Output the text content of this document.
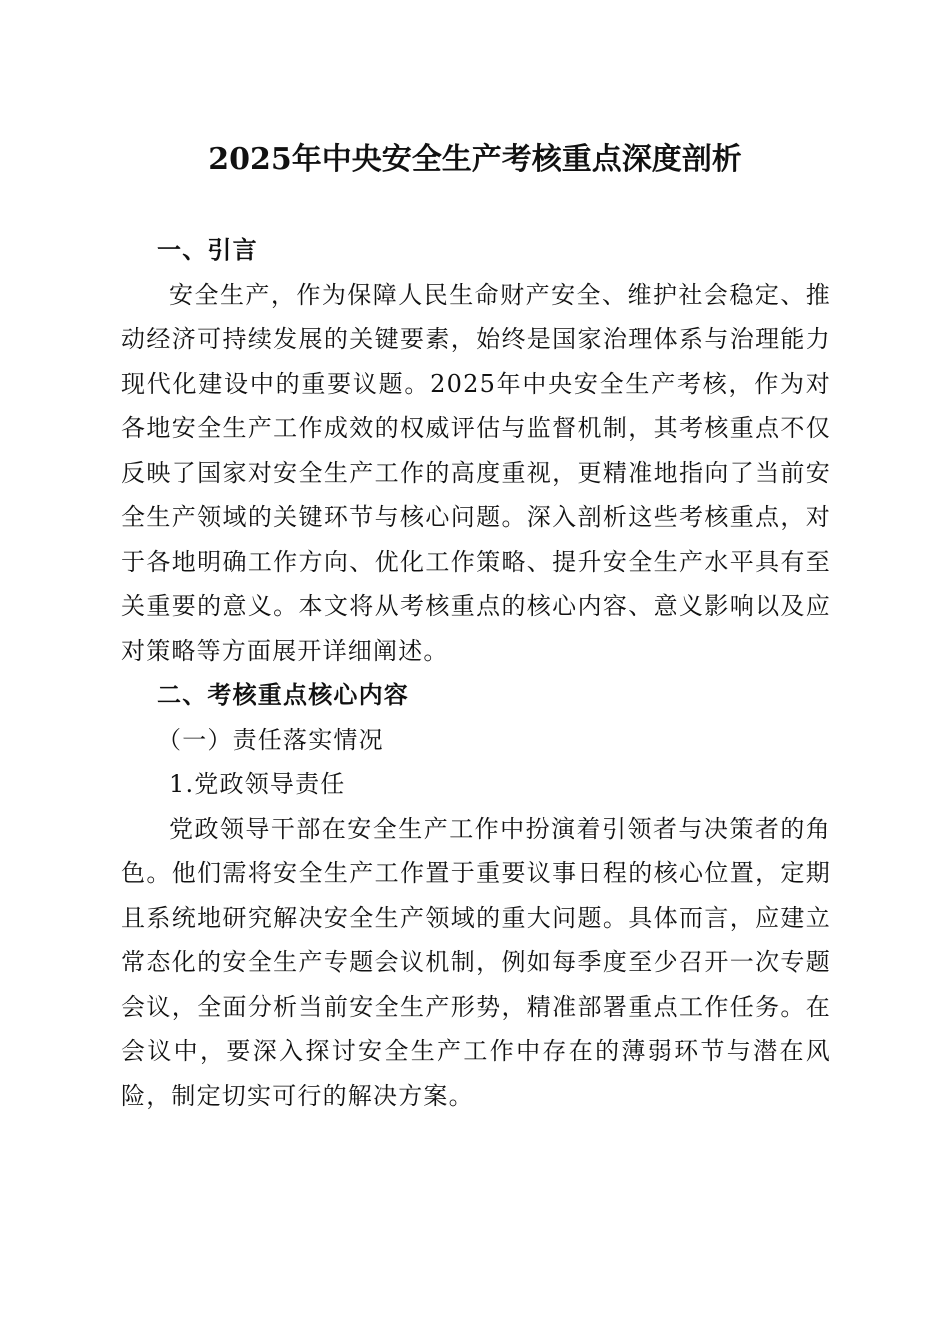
2025年中央安全生产考核重点深度剖析

一、引言

安全生产，作为保障人民生命财产安全、维护社会稳定、推动经济可持续发展的关键要素，始终是国家治理体系与治理能力现代化建设中的重要议题。2025年中央安全生产考核，作为对各地安全生产工作成效的权威评估与监督机制，其考核重点不仅反映了国家对安全生产工作的高度重视，更精准地指向了当前安全生产领域的关键环节与核心问题。深入剖析这些考核重点，对于各地明确工作方向、优化工作策略、提升安全生产水平具有至关重要的意义。本文将从考核重点的核心内容、意义影响以及应对策略等方面展开详细阐述。

二、考核重点核心内容

（一）责任落实情况

1.党政领导责任

党政领导干部在安全生产工作中扮演着引领者与决策者的角色。他们需将安全生产工作置于重要议事日程的核心位置，定期且系统地研究解决安全生产领域的重大问题。具体而言，应建立常态化的安全生产专题会议机制，例如每季度至少召开一次专题会议，全面分析当前安全生产形势，精准部署重点工作任务。在会议中，要深入探讨安全生产工作中存在的薄弱环节与潜在风险，制定切实可行的解决方案。
